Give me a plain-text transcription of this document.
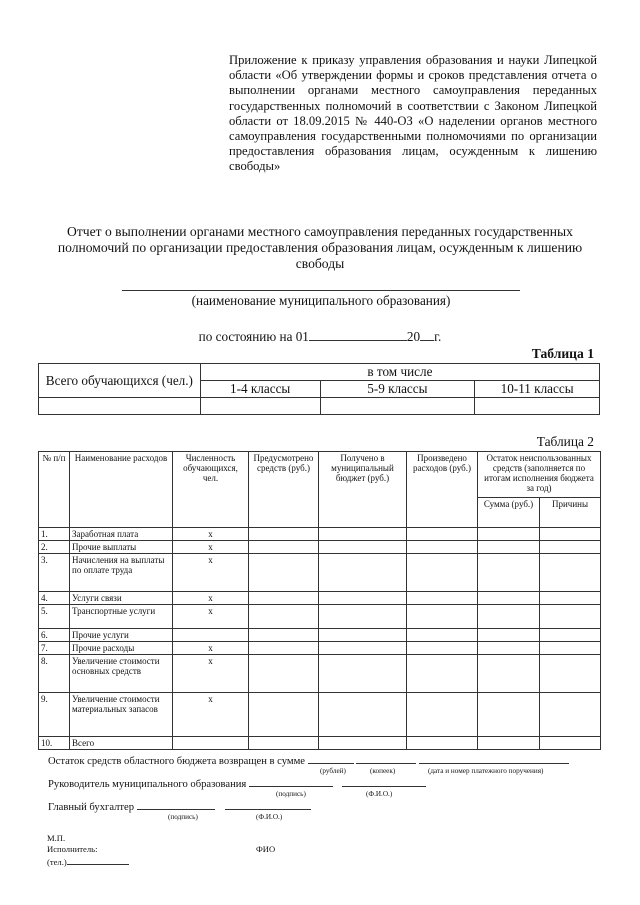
Приложение к приказу управления образования и науки Липецкой области «Об утверждении формы и сроков представления отчета о выполнении органами местного самоуправления переданных государственных полномочий в соответствии с Законом Липецкой области от 18.09.2015 № 440-ОЗ «О наделении органов местного самоуправления государственными полномочиями по организации предоставления образования лицам, осужденным к лишению свободы»
Отчет о выполнении органами местного самоуправления переданных государственных полномочий по организации предоставления образования лицам, осужденным к лишению свободы
(наименование муниципального образования)
по состоянию на 01	20 г.
Таблица 1
Всего обучающихся (чел.)	в том числе		
	1-4 классы	5-9 классы	10-11 классы

Таблица 2
№ п/п	Наименование расходов	Численность обучающихся, чел.	Предусмотрено средств (руб.)	Получено в муниципальный бюджет (руб.)	Произведено расходов (руб.)	Остаток неиспользованных средств (заполняется по итогам исполнения бюджета за год)	
						Сумма (руб.)	Причины
1.	Заработная плата	х					
2.	Прочие выплаты	х					
3.	Начисления на выплаты по оплате труда	х					
4.	Услуги связи	х					
5.	Транспортные услуги	х					
6.	Прочие услуги						
7.	Прочие расходы	х					
8.	Увеличение стоимости основных средств	х					
9.	Увеличение стоимости материальных запасов	х					
10.	Всего						
Остаток средств областного бюджета возвращен в сумме
(рублей)	(копеек)	(дата и номер платежного поручения)
Руководитель муниципального образования
(подпись)	(Ф.И.О.)
Главный бухгалтер
(подпись)	(Ф.И.О.)
М.П.
Исполнитель:	ФИО
(тел.)
